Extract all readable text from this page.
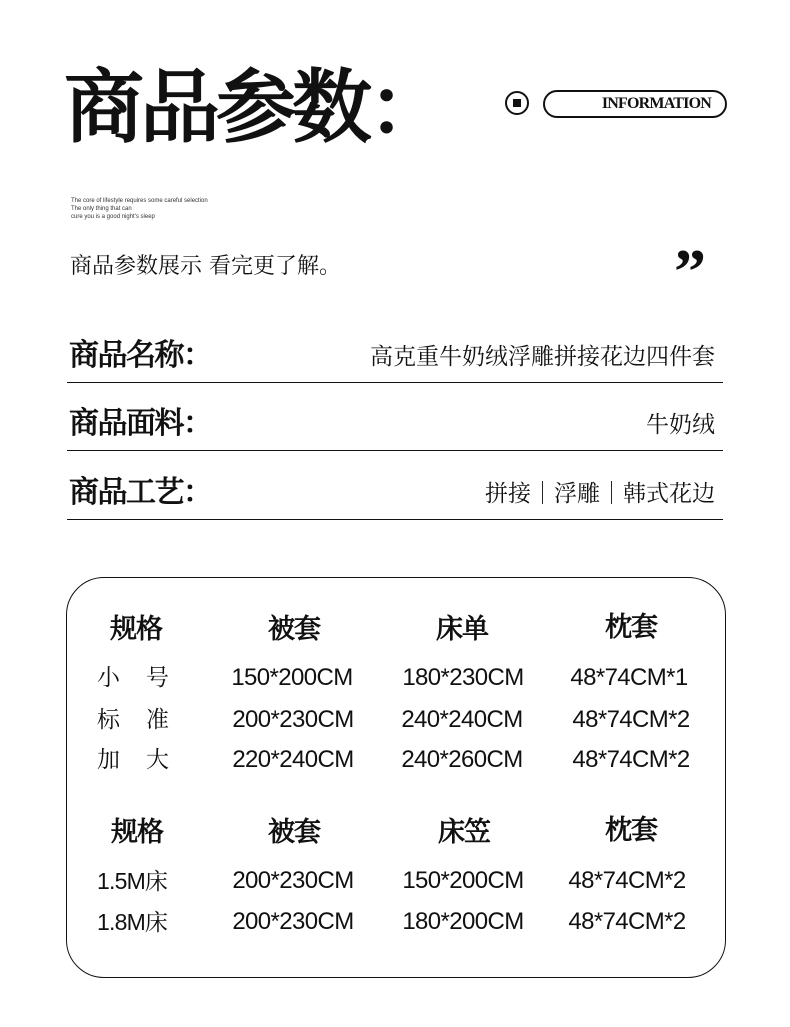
商品参数：	INFORMATION
The core of lifestyle requires some careful selection
The only thing that can
cure you is a good night's sleep
商品参数展示 看完更了解。	”
商品名称：	高克重牛奶绒浮雕拼接花边四件套
商品面料：	牛奶绒
商品工艺：	拼接｜浮雕｜韩式花边
规格	被套	床单	枕套
小号	150*200CM	180*230CM	48*74CM*1
标准	200*230CM	240*240CM	48*74CM*2
加大	220*240CM	240*260CM	48*74CM*2
规格	被套	床笠	枕套
1.5M床	200*230CM	150*200CM	48*74CM*2
1.8M床	200*230CM	180*200CM	48*74CM*2
